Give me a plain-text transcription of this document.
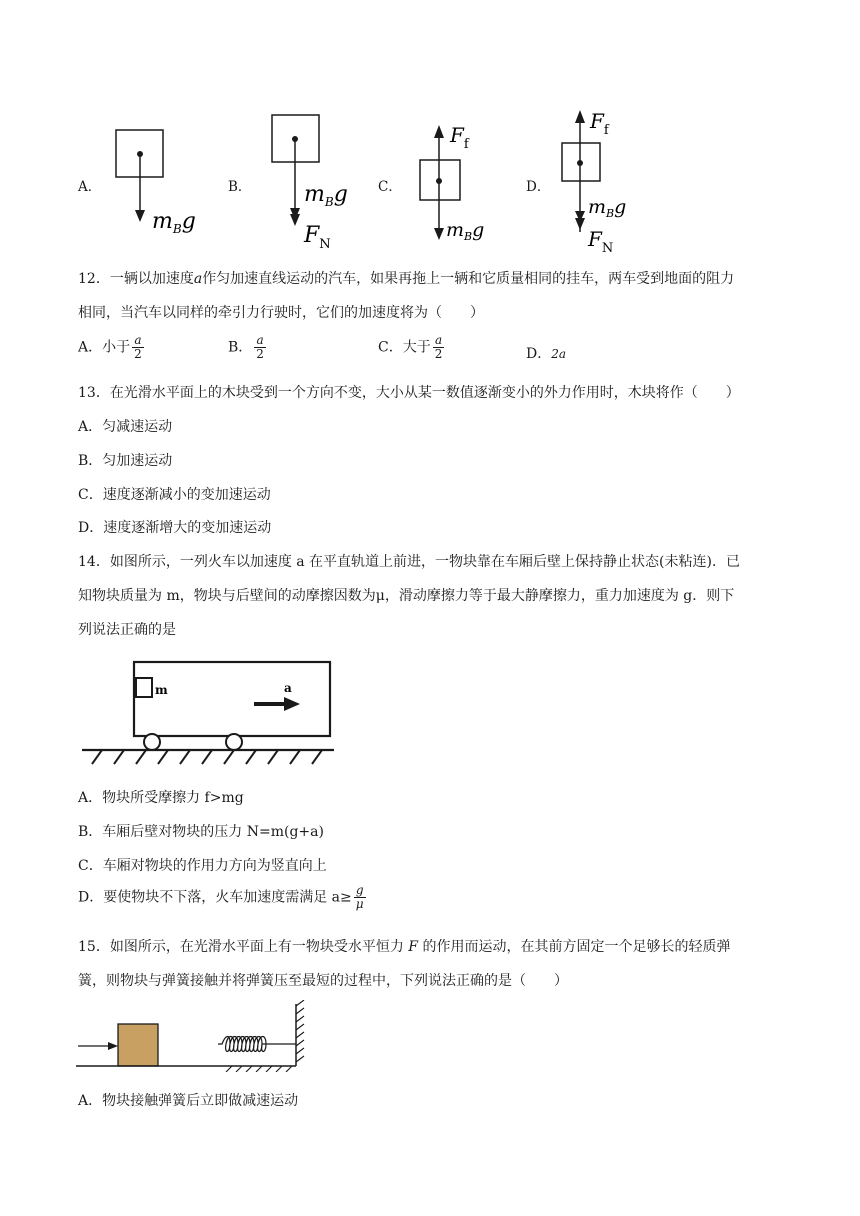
A．
$m_Bg$
B． $m_Bg$
$F_N$
C．
$F_f$
$m_Bg$
D．
$F_f$
$m_Bg$
$F_N$
12．一辆以加速度a作匀加速直线运动的汽车，如果再拖上一辆和它质量相同的挂车，两车受到地面的阻力
相同，当汽车以同样的牵引力行驶时，它们的加速度将为（　　）
A．小于 $\frac{a}{2}$	B． $\frac{a}{2}$	C．大于 $\frac{a}{2}$	D．2a
13．在光滑水平面上的木块受到一个方向不变，大小从某一数值逐渐变小的外力作用时，木块将作（　　）
A．匀减速运动
B．匀加速运动
C．速度逐渐减小的变加速运动
D．速度逐渐增大的变加速运动
14．如图所示，一列火车以加速度 a 在平直轨道上前进，一物块靠在车厢后壁上保持静止状态(未粘连)．已
知物块质量为 m，物块与后壁间的动摩擦因数为μ，滑动摩擦力等于最大静摩擦力，重力加速度为 g．则下
列说法正确的是
m	a
A．物块所受摩擦力 f>mg
B．车厢后壁对物块的压力 N=m(g+a)
C．车厢对物块的作用力方向为竖直向上
D．要使物块不下落，火车加速度需满足 $a\ge \frac{g}{\mu}$
15．如图所示，在光滑水平面上有一物块受水平恒力 F 的作用而运动，在其前方固定一个足够长的轻质弹
簧，则物块与弹簧接触并将弹簧压至最短的过程中，下列说法正确的是（　　）
A．物块接触弹簧后立即做减速运动
